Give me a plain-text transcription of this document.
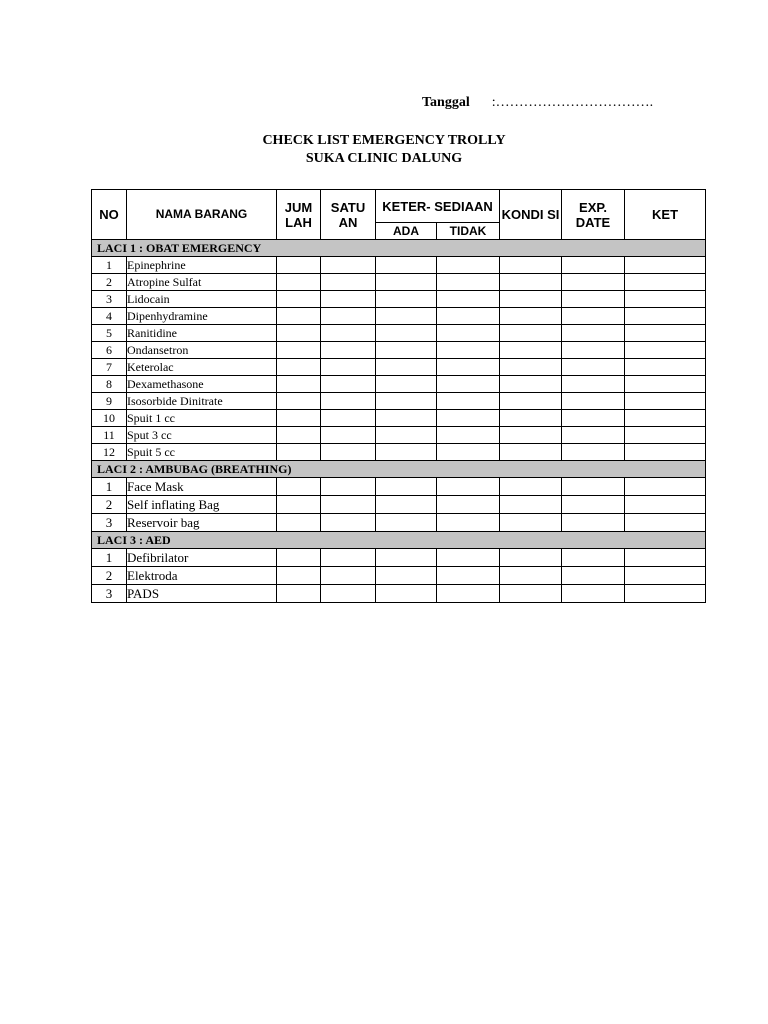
Tanggal :…………………………….
CHECK LIST EMERGENCY TROLLY
SUKA CLINIC DALUNG
NO	NAMA BARANG	JUM LAH	SATU AN	KETER- SEDIAAN		KONDI SI	EXP. DATE	KET
				ADA	TIDAK			
LACI 1 : OBAT EMERGENCY								
1	Epinephrine							
2	Atropine Sulfat							
3	Lidocain							
4	Dipenhydramine							
5	Ranitidine							
6	Ondansetron							
7	Keterolac							
8	Dexamethasone							
9	Isosorbide Dinitrate							
10	Spuit 1 cc							
11	Sput 3 cc							
12	Spuit 5 cc							
LACI 2 : AMBUBAG (BREATHING)								
1	Face Mask							
2	Self inflating Bag							
3	Reservoir bag							
LACI 3 : AED								
1	Defibrilator							
2	Elektroda							
3	PADS							
